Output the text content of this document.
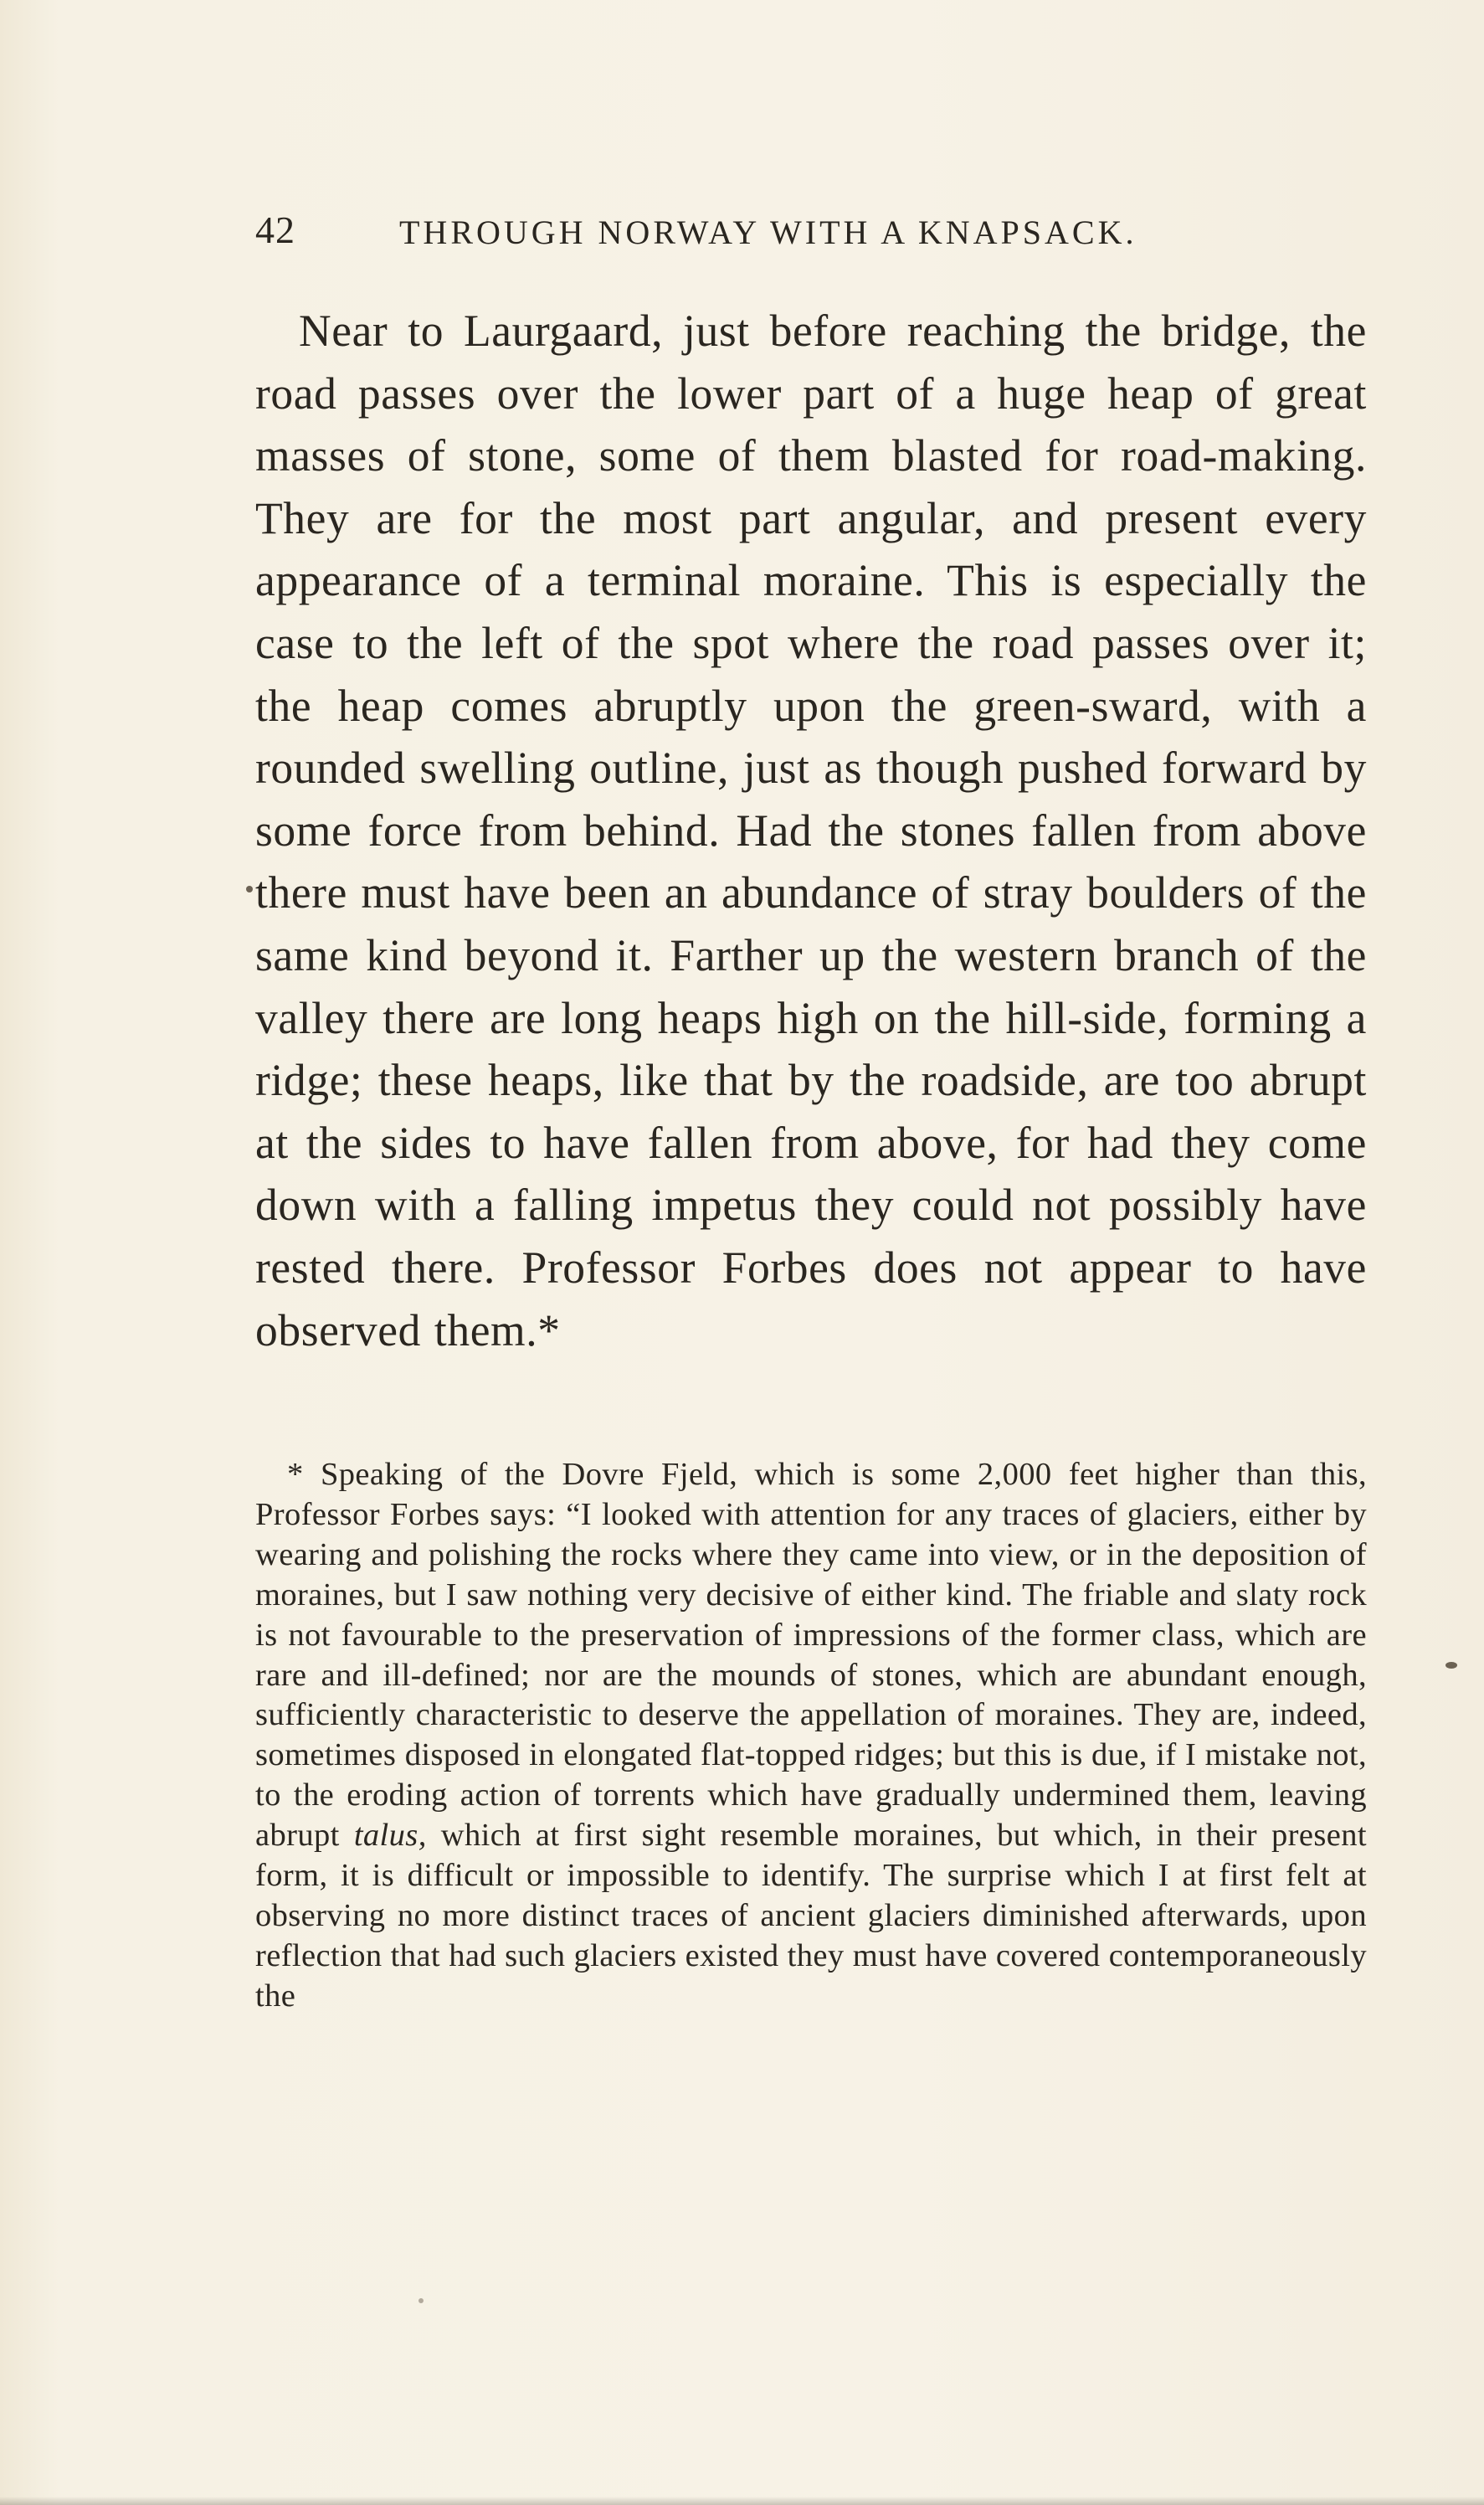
42	THROUGH NORWAY WITH A KNAPSACK.

Near to Laurgaard, just before reaching the bridge, the road passes over the lower part of a huge heap of great masses of stone, some of them blasted for road-making. They are for the most part angular, and present every appearance of a terminal moraine. This is especially the case to the left of the spot where the road passes over it; the heap comes abruptly upon the green-sward, with a rounded swelling outline, just as though pushed forward by some force from behind. Had the stones fallen from above there must have been an abundance of stray boulders of the same kind beyond it. Farther up the western branch of the valley there are long heaps high on the hill-side, forming a ridge; these heaps, like that by the roadside, are too abrupt at the sides to have fallen from above, for had they come down with a falling impetus they could not possibly have rested there. Professor Forbes does not appear to have observed them.*

* Speaking of the Dovre Fjeld, which is some 2,000 feet higher than this, Professor Forbes says: “I looked with attention for any traces of glaciers, either by wearing and polishing the rocks where they came into view, or in the deposition of moraines, but I saw nothing very decisive of either kind. The friable and slaty rock is not favourable to the preservation of impressions of the former class, which are rare and ill-defined; nor are the mounds of stones, which are abundant enough, sufficiently characteristic to deserve the appellation of moraines. They are, indeed, sometimes disposed in elongated flat-topped ridges; but this is due, if I mistake not, to the eroding action of torrents which have gradually undermined them, leaving abrupt talus, which at first sight resemble moraines, but which, in their present form, it is difficult or impossible to identify. The surprise which I at first felt at observing no more distinct traces of ancient glaciers diminished afterwards, upon reflection that had such glaciers existed they must have covered contemporaneously the
